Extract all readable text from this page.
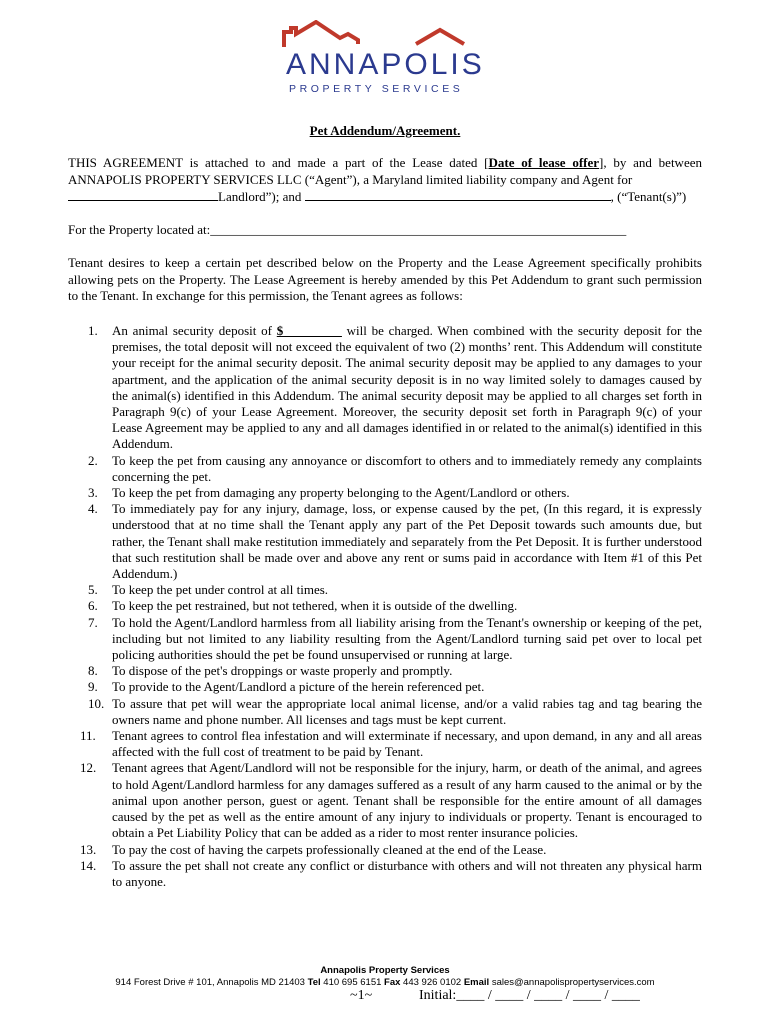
ANNAPOLIS
PROPERTY SERVICES
Pet Addendum/Agreement.
THIS AGREEMENT is attached to and made a part of the Lease dated [Date of lease offer], by and between ANNAPOLIS PROPERTY SERVICES LLC (“Agent”), a Maryland limited liability company and Agent for
Landlord”); and	, (“Tenant(s)”)
For the Property located at:________________________________________________________________
Tenant desires to keep a certain pet described below on the Property and the Lease Agreement specifically prohibits allowing pets on the Property. The Lease Agreement is hereby amended by this Pet Addendum to grant such permission to the Tenant. In exchange for this permission, the Tenant agrees as follows:
1. An animal security deposit of $_________ will be charged. When combined with the security deposit for the premises, the total deposit will not exceed the equivalent of two (2) months’ rent. This Addendum will constitute your receipt for the animal security deposit. The animal security deposit may be applied to any damages to your apartment, and the application of the animal security deposit is in no way limited solely to damages caused by the animal(s) identified in this Addendum. The animal security deposit may be applied to all charges set forth in Paragraph 9(c) of your Lease Agreement. Moreover, the security deposit set forth in Paragraph 9(c) of your Lease Agreement may be applied to any and all damages identified in or related to the animal(s) identified in this Addendum.
2. To keep the pet from causing any annoyance or discomfort to others and to immediately remedy any complaints concerning the pet.
3. To keep the pet from damaging any property belonging to the Agent/Landlord or others.
4. To immediately pay for any injury, damage, loss, or expense caused by the pet, (In this regard, it is expressly understood that at no time shall the Tenant apply any part of the Pet Deposit towards such amounts due, but rather, the Tenant shall make restitution immediately and separately from the Pet Deposit. It is further understood that such restitution shall be made over and above any rent or sums paid in accordance with Item #1 of this Pet Addendum.)
5. To keep the pet under control at all times.
6. To keep the pet restrained, but not tethered, when it is outside of the dwelling.
7. To hold the Agent/Landlord harmless from all liability arising from the Tenant's ownership or keeping of the pet, including but not limited to any liability resulting from the Agent/Landlord turning said pet over to local pet policing authorities should the pet be found unsupervised or running at large.
8. To dispose of the pet's droppings or waste properly and promptly.
9. To provide to the Agent/Landlord a picture of the herein referenced pet.
10. To assure that pet will wear the appropriate local animal license, and/or a valid rabies tag and tag bearing the owners name and phone number. All licenses and tags must be kept current.
11. Tenant agrees to control flea infestation and will exterminate if necessary, and upon demand, in any and all areas affected with the full cost of treatment to be paid by Tenant.
12. Tenant agrees that Agent/Landlord will not be responsible for the injury, harm, or death of the animal, and agrees to hold Agent/Landlord harmless for any damages suffered as a result of any harm caused to the animal or by the animal upon another person, guest or agent. Tenant shall be responsible for the entire amount of all damages caused by the pet as well as the entire amount of any injury to individuals or property. Tenant is encouraged to obtain a Pet Liability Policy that can be added as a rider to most renter insurance policies.
13. To pay the cost of having the carpets professionally cleaned at the end of the Lease.
14. To assure the pet shall not create any conflict or disturbance with others and will not threaten any physical harm to anyone.
Annapolis Property Services
914 Forest Drive # 101, Annapolis MD 21403 Tel 410 695 6151 Fax 443 926 0102 Email sales@annapolispropertyservices.com
~1~	Initial:____ / ____ / ____ / ____ / ____
